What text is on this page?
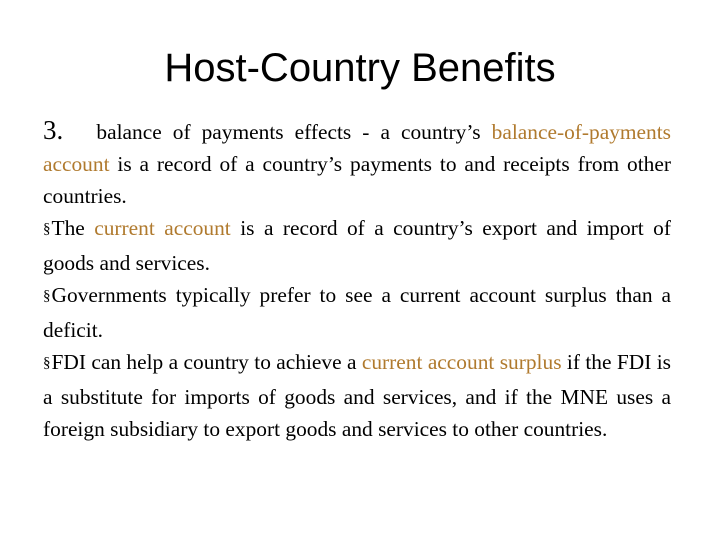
Host-Country Benefits

3. balance of payments effects - a country’s balance-of-payments account is a record of a country’s payments to and receipts from other countries.

§The current account is a record of a country’s export and import of goods and services.

§Governments typically prefer to see a current account surplus than a deficit.

§FDI can help a country to achieve a current account surplus if the FDI is a substitute for imports of goods and services, and if the MNE uses a foreign subsidiary to export goods and services to other countries.
